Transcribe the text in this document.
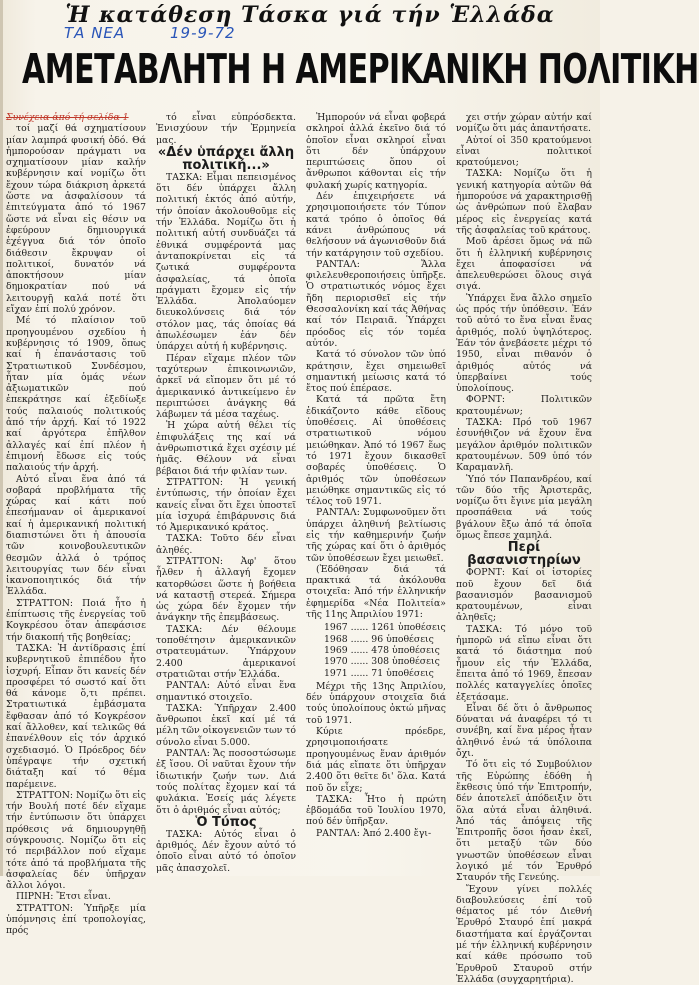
Ἡ κατάθεση Τάσκα γιά τήν Ἑλλάδα
ΤΑ ΝΕΑ	19-9-72
ΑΜΕΤΑΒΛΗΤΗ Η ΑΜΕΡΙΚΑΝΙΚΗ ΠΟΛΙΤΙΚΗ

Συνέχεια ἀπό τή σελίδα 1

τοί μαζί θά σχηματίσουν μίαν λαμπρά φυσική ὁδό. Θά ἠμπορούσαν πράγματι να σχηματίσουν μίαν καλήν κυβέρνησιν καί νομίζω ὅτι ἔχουν τώρα διάκριση ἀρκετά ὥστε να ἀσφαλίσουν τά ἐπιτεύγματα ἀπό τό 1967 ὥστε νά εἶναι εἰς θέσιν να ἐφεύρουν δημιουργικά ἐχέγγυα διά τόν ὁποῖο διάθεσιν ἔκρυψαν οἱ πολιτικοί, δυνατόν νά ἀποκτήσουν μίαν δημοκρατίαν πού νά λειτουργῇ καλά ποτέ ὅτι εἴχαν ἐπί πολύ χρόνον.

Μέ τό πλαίσιον τοῦ προηγουμένου σχεδίου ἡ κυβέρνησις τό 1909, ὅπως καί ἡ ἐπανάστασις τοῦ Στρατιωτικοῦ Συνδέσμου, ἦταν μία ὁμάς νέων ἀξιωματικῶν πού ἐπεκράτησε καί ἐξεδίωξε τούς παλαιούς πολιτικούς ἀπό τήν ἀρχή. Καί τό 1922 καί ἀργότερα ἐπῆλθον ἀλλαγές καί ἐπί πλέον ἡ ἐπιμονή ἔδωσε εἰς τούς παλαιούς τήν ἀρχή.

Αὐτό εἶναι ἕνα ἀπό τά σοβαρά προβλήματα τῆς χώρας καί κάτι πού ἐπεσήμαναν οἱ ἀμερικανοί καί ἡ ἀμερικανική πολιτική διαπιστώνει ὅτι ἡ ἀπουσία τῶν κοινοβουλευτικῶν θεσμῶν ἀλλά ὁ τρόπος λειτουργίας των δέν εἶναι ἱκανοποιητικός διά τήν Ἑλλάδα.

ΣΤΡΑΤΤΟΝ: Ποιά ἦτο ἡ ἐπίπτωσις τῆς ἐνεργείας τοῦ Κογκρέσου ὅταν ἀπεφάσισε τήν διακοπή τῆς βοηθείας;

ΤΑΣΚΑ: Ἡ ἀντίδρασις ἐπί κυβερνητικοῦ ἐπιπέδου ἦτο ἰσχυρή. Εἶπαν ὅτι κανείς δέν προσφέρει τό σωστό καί ὅτι θά κάνομε ὅ,τι πρέπει. Στρατιωτικά ἐμβάσματα ἔφθασαν ἀπό τό Κογκρέσον καί ἄλλοθεν, καί τελικῶς θά ἐπανέλθουν εἰς τόν ἀρχικό σχεδιασμό. Ὁ Πρόεδρος δέν ὑπέγραψε τήν σχετική διάταξη καί τό θέμα παρέμεινε.

ΣΤΡΑΤΤΟΝ: Νομίζω ὅτι εἰς τήν Βουλή ποτέ δέν εἴχαμε τήν ἐντύπωσιν ὅτι ὑπάρχει πρόθεσις νά δημιουργηθῇ σύγκρουσις. Νομίζω ὅτι εἰς τό περιβάλλον πού εἴχαμε τότε ἀπό τά προβλήματα τῆς ἀσφαλείας δέν ὑπῆρχαν ἄλλοι λόγοι.

ΠΙΡΝΗ: Ἔτσι εἶναι.

ΣΤΡΑΤΤΟΝ: Ὑπῆρξε μία ὑπόμνησις ἐπί τροπολογίας, πρός

τό εἶναι εὐπρόσδεκτα. Ἐνισχύουν τήν Ἑρμηνεία μας.

«Δέν ὑπάρχει ἄλλη πολιτική...»

ΤΑΣΚΑ: Εἶμαι πεπεισμένος ὅτι δέν ὑπάρχει ἄλλη πολιτική ἐκτός ἀπό αὐτήν, τήν ὁποίαν ἀκολουθοῦμε εἰς τήν Ἑλλάδα. Νομίζω ὅτι ἡ πολιτική αὐτή συνδυάζει τά ἐθνικά συμφέροντά μας ἀνταποκρίνεται εἰς τά ζωτικά συμφέροντα ἀσφαλείας, τά ὁποῖα πράγματι ἔχομεν εἰς τήν Ἑλλάδα. Ἀπολαύομεν διευκολύνσεις διά τόν στόλον μας, τάς ὁποίας θά ἀπωλέσωμεν ἐάν δέν ὑπάρχει αὐτή ἡ κυβέρνησις.

Πέραν εἴχαμε πλέον τῶν ταχύτερων ἐπικοινωνιῶν, ἀρκεῖ νά εἴπομεν ὅτι μέ τό ἀμερικανικό ἀντικείμενο ἐν περιπτώσει ἀνάγκης θά λάβωμεν τά μέσα ταχέως.

Ἡ χώρα αὐτή θέλει τίς ἐπιφυλάξεις της καί νά ἀνθρωπιστικά ἔχει σχέσιν μέ ἡμᾶς. Θέλουν νά εἶναι βέβαιοι διά τήν φιλίαν των.

ΣΤΡΑΤΤΟΝ: Ἡ γενική ἐντύπωσις, τήν ὁποίαν ἔχει κανείς εἶναι ὅτι ἔχει ὑποστεῖ μία ἰσχυρά ἐπιβάρυνσις διά τό Ἀμερικανικό κράτος.

ΤΑΣΚΑ: Τοῦτο δέν εἶναι ἀληθές.

ΣΤΡΑΤΤΟΝ: Ἀφ' ὅτου ἦλθεν ἡ ἀλλαγή ἔχομεν κατορθώσει ὥστε ἡ βοήθεια νά καταστῇ στερεά. Σήμερα ὡς χώρα δέν ἔχομεν τήν ἀνάγκην τῆς ἐπεμβάσεως.

ΤΑΣΚΑ: Δέν θέλουμε τοποθέτησιν ἀμερικανικῶν στρατευμάτων. Ὑπάρχουν 2.400 ἀμερικανοί στρατιῶται στήν Ἑλλάδα.

ΡΑΝΤΑΛ: Αὐτό εἶναι ἕνα σημαντικό στοιχεῖο.

ΤΑΣΚΑ: Ὑπῆρχαν 2.400 ἄνθρωποι ἐκεῖ καί μέ τά μέλη τῶν οἰκογενειῶν των τό σύνολο εἶναι 5.000.

ΡΑΝΤΑΛ: Ἄς ποσοστώσωμε ἐξ ἴσου. Οἱ ναῦται ἔχουν τήν ἰδιωτικήν ζωήν των. Διά τούς πολίτας ἔχομεν καί τά φυλάκια. Ἐσείς μάς λέγετε ὅτι ὁ ἀριθμός εἶναι αὐτός;

Ὁ Τύπος

ΤΑΣΚΑ: Αὐτός εἶναι ὁ ἀριθμός. Δέν ἔχουν αὐτό τό ὁποῖο εἶναι αὐτό τό ὁποῖον μᾶς ἀπασχολεῖ.

Ἠμπορούν νά εἶναι φοβερά σκληροί ἀλλά ἐκεῖνο διά τό ὁποῖον εἶναι σκληροί εἶναι ὅτι δέν ὑπάρχουν περιπτώσεις ὅπου οἱ ἄνθρωποι κάθονται εἰς τήν φυλακή χωρίς κατηγορία.

Δέν ἐπιχειρήσετε νά χρησιμοποιήσετε τόν Τύπον κατά τρόπο ὁ ὁποῖος θά κάνει ἀνθρώπους νά θελήσουν νά ἀγωνισθοῦν διά τήν κατάργησιν τοῦ σχεδίου.

ΡΑΝΤΑΛ: Ἄλλα φιλελευθεροποιήσεις ὑπῆρξε. Ὁ στρατιωτικός νόμος ἔχει ἤδη περιορισθεῖ εἰς τήν Θεσσαλονίκη καί τάς Ἀθήνας καί τόν Πειραιᾶ. Ὑπάρχει πρόοδος εἰς τόν τομέα αὐτόν.

Κατά τό σύνολον τῶν ὑπό κράτησιν, ἔχει σημειωθεῖ σημαντική μείωσις κατά τό ἔτος πού ἐπέρασε.

Κατά τά πρῶτα ἔτη ἐδικάζοντο κάθε εἴδους ὑποθέσεις. Αἱ ὑποθέσεις στρατιωτικοῦ νόμου μειώθηκαν. Ἀπό τό 1967 ἕως τό 1971 ἔχουν δικασθεῖ σοβαρές ὑποθέσεις. Ὁ ἀριθμός τῶν ὑποθέσεων μειώθηκε σημαντικῶς εἰς τό τέλος τοῦ 1971.

ΡΑΝΤΑΛ: Συμφωνοῦμεν ὅτι ὑπάρχει ἀληθινή βελτίωσις εἰς τήν καθημερινήν ζωήν τῆς χώρας καί ὅτι ὁ ἀριθμός τῶν ὑποθέσεων ἔχει μειωθεῖ.

(Ἐδόθησαν διά τά πρακτικά τά ἀκόλουθα στοιχεῖα: Ἀπό τήν ἑλληνικήν ἐφημερίδα «Νέα Πολιτεία» τῆς 11ης Ἀπριλίου 1971:

1967 ...... 1261 ὑποθέσεις
1968 ...... 96 ὑποθέσεις
1969 ...... 478 ὑποθέσεις
1970 ...... 308 ὑποθέσεις
1971 ...... 71 ὑποθέσεις

Μέχρι τῆς 13ης Ἀπριλίου, δέν ὑπάρχουν στοιχεῖα διά τούς ὑπολοίπους ὀκτώ μῆνας τοῦ 1971.

Κύριε πρόεδρε, χρησιμοποιήσατε προηγουμένως ἕναν ἀριθμόν διά μάς εἴπατε ὅτι ὑπῆρχαν 2.400 ὅτι θεῖτε δι' ὅλα. Κατά ποῦ ὅν εἶχε;

ΤΑΣΚΑ: Ἦτο ἡ πρώτη ἑβδομάδα τοῦ Ἰουλίου 1970, πού δέν ὑπῆρξαν.

ΡΑΝΤΑΛ: Ἀπό 2.400 ἔγι-

χει στήν χώραν αὐτήν καί νομίζω ὅτι μάς ἀπαντήσατε.

Αὐτοί οἱ 350 κρατούμενοι εἶναι πολιτικοί κρατούμενοι;

ΤΑΣΚΑ: Νομίζω ὅτι ἡ γενική κατηγορία αὐτῶν θά ἠμπορούσε νά χαρακτηρισθῇ ὡς ἀνθρώπων πού ἔλαβαν μέρος εἰς ἐνεργείας κατά τῆς ἀσφαλείας τοῦ κράτους.

Μοῦ ἀρέσει ὅμως νά πῶ ὅτι ἡ ἑλληνική κυβέρνησις ἔχει ἀποφασίσει νά ἀπελευθερώσει ὅλους σιγά σιγά.

Ὑπάρχει ἕνα ἄλλο σημεῖο ὡς πρός τήν ὑπόθεσιν. Ἐάν τοῦ αὐτό το ἕνα εἶναι ἕνας ἀριθμός, πολύ ὑψηλότερος. Ἐάν τόν ἀνεβάσετε μέχρι τό 1950, εἶναι πιθανόν ὁ ἀριθμός αὐτός νά ὑπερβαίνει τούς ὑπολοίπους.

ΦΟΡΝΤ: Πολιτικῶν κρατουμένων;

ΤΑΣΚΑ: Πρό τοῦ 1967 ἐσυνήθιζον νά ἔχουν ἕνα μεγάλον ἀριθμόν πολιτικῶν κρατουμένων. 509 ὑπό τόν Καραμανλῆ.

Ὑπό τόν Παπανδρέου, καί τῶν δύο τῆς Ἀριστερᾶς, νομίζω ὅτι ἔγινε μία μεγάλη προσπάθεια νά τούς βγάλουν ἔξω ἀπό τά ὁποῖα ὅμως ἔπεσε χαμηλά.

Περί βασανιστηρίων

ΦΟΡΝΤ: Καί οἱ ἰστορίες ποῦ ἔχουν δεῖ διά βασανισμόν βασανισμοῦ κρατουμένων, εἶναι ἀληθεῖς;

ΤΑΣΚΑ: Τό μόνο τοῦ ἠμπορῶ νά εἴπω εἶναι ὅτι κατά τό διάστημα πού ἦμουν εἰς τήν Ἑλλάδα, ἔπειτα ἀπό τό 1969, ἔπεσαν πολλές καταγγελίες ὁποῖες ἐξετάσαμε.

Εἶναι δέ ὅτι ὁ ἄνθρωπος δύναται νά ἀναφέρει τό τι συνέβη, καί ἕνα μέρος ἦταν ἀληθινό ἐνώ τά ὑπόλοιπα ὄχι.

Τό ὅτι εἰς τό Συμβούλιον τῆς Εὐρώπης ἐδόθη ἡ ἔκθεσις ὑπό τήν Ἐπιτροπήν, δέν ἀποτελεῖ ἀπόδειξιν ὅτι ὅλα αὐτά εἶναι ἀληθινά. Ἀπό τάς ἀπόψεις τῆς Ἐπιτροπῆς ὅσοι ἦσαν ἐκεῖ, ὅτι μεταξύ τῶν δύο γνωστῶν ὑποθέσεων εἶναι λογικό μέ τόν Ἐρυθρό Σταυρόν τῆς Γενεύης.

Ἔχουν γίνει πολλές διαβουλεύσεις ἐπί τοῦ θέματος μέ τόν Διεθνή Ἐρυθρό Σταυρό ἐπί μακρά διαστήματα καί ἐργάζονται μέ τήν ἑλληνική κυβέρνησιν καί κάθε πρόσωπο τοῦ Ἐρυθροῦ Σταυροῦ στήν Ἑλλάδα (συγχαρητήρια).
